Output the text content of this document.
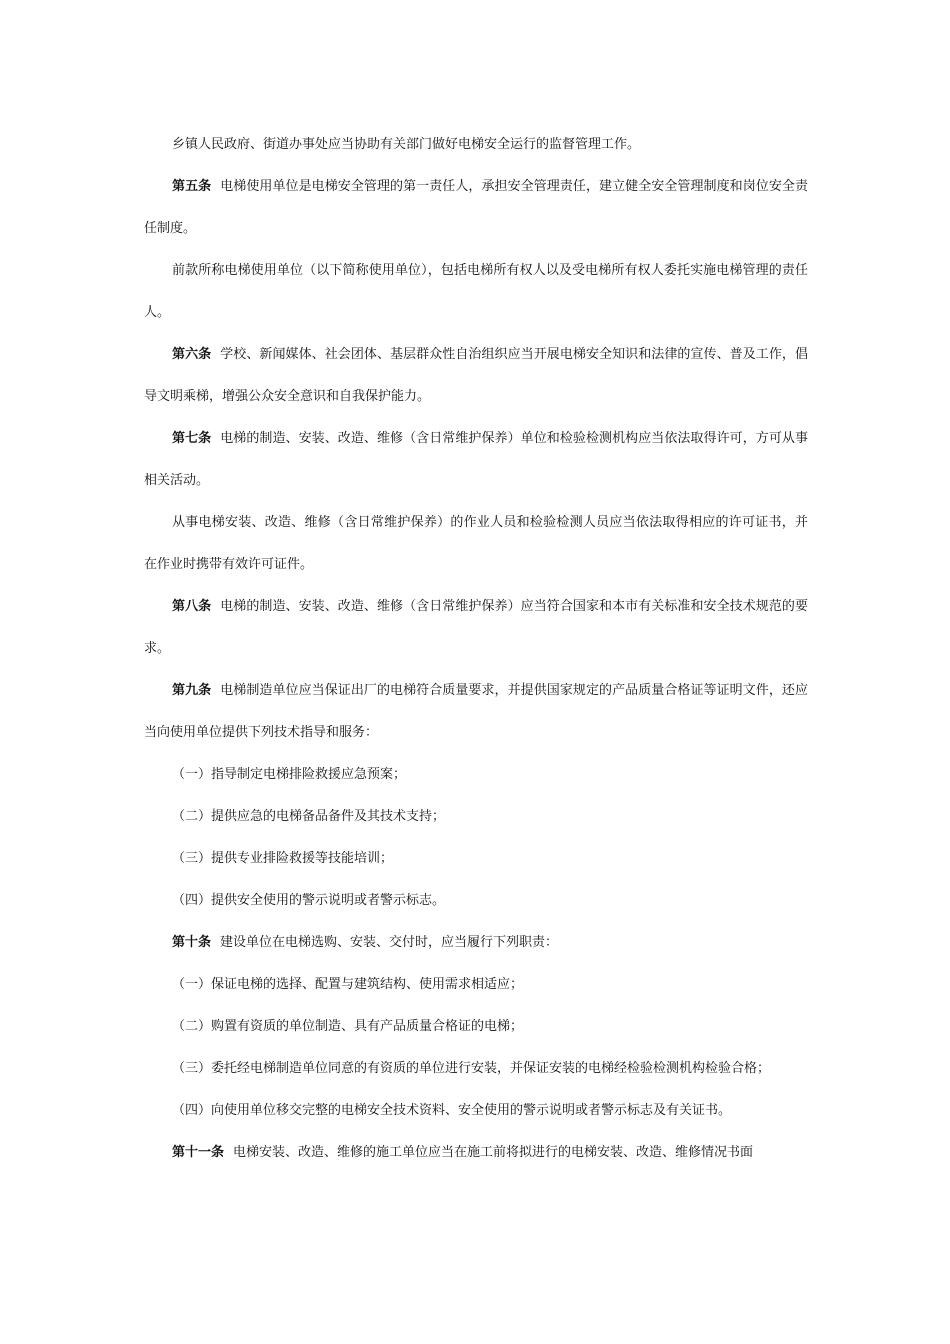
乡镇人民政府、街道办事处应当协助有关部门做好电梯安全运行的监督管理工作。

第五条 电梯使用单位是电梯安全管理的第一责任人，承担安全管理责任，建立健全安全管理制度和岗位安全责任制度。

前款所称电梯使用单位（以下简称使用单位），包括电梯所有权人以及受电梯所有权人委托实施电梯管理的责任人。

第六条 学校、新闻媒体、社会团体、基层群众性自治组织应当开展电梯安全知识和法律的宣传、普及工作，倡导文明乘梯，增强公众安全意识和自我保护能力。

第七条 电梯的制造、安装、改造、维修（含日常维护保养）单位和检验检测机构应当依法取得许可，方可从事相关活动。

从事电梯安装、改造、维修（含日常维护保养）的作业人员和检验检测人员应当依法取得相应的许可证书，并在作业时携带有效许可证件。

第八条 电梯的制造、安装、改造、维修（含日常维护保养）应当符合国家和本市有关标准和安全技术规范的要求。

第九条 电梯制造单位应当保证出厂的电梯符合质量要求，并提供国家规定的产品质量合格证等证明文件，还应当向使用单位提供下列技术指导和服务：

（一）指导制定电梯排险救援应急预案；

（二）提供应急的电梯备品备件及其技术支持；

（三）提供专业排险救援等技能培训；

（四）提供安全使用的警示说明或者警示标志。

第十条 建设单位在电梯选购、安装、交付时，应当履行下列职责：

（一）保证电梯的选择、配置与建筑结构、使用需求相适应；

（二）购置有资质的单位制造、具有产品质量合格证的电梯；

（三）委托经电梯制造单位同意的有资质的单位进行安装，并保证安装的电梯经检验检测机构检验合格；

（四）向使用单位移交完整的电梯安全技术资料、安全使用的警示说明或者警示标志及有关证书。

第十一条 电梯安装、改造、维修的施工单位应当在施工前将拟进行的电梯安装、改造、维修情况书面
